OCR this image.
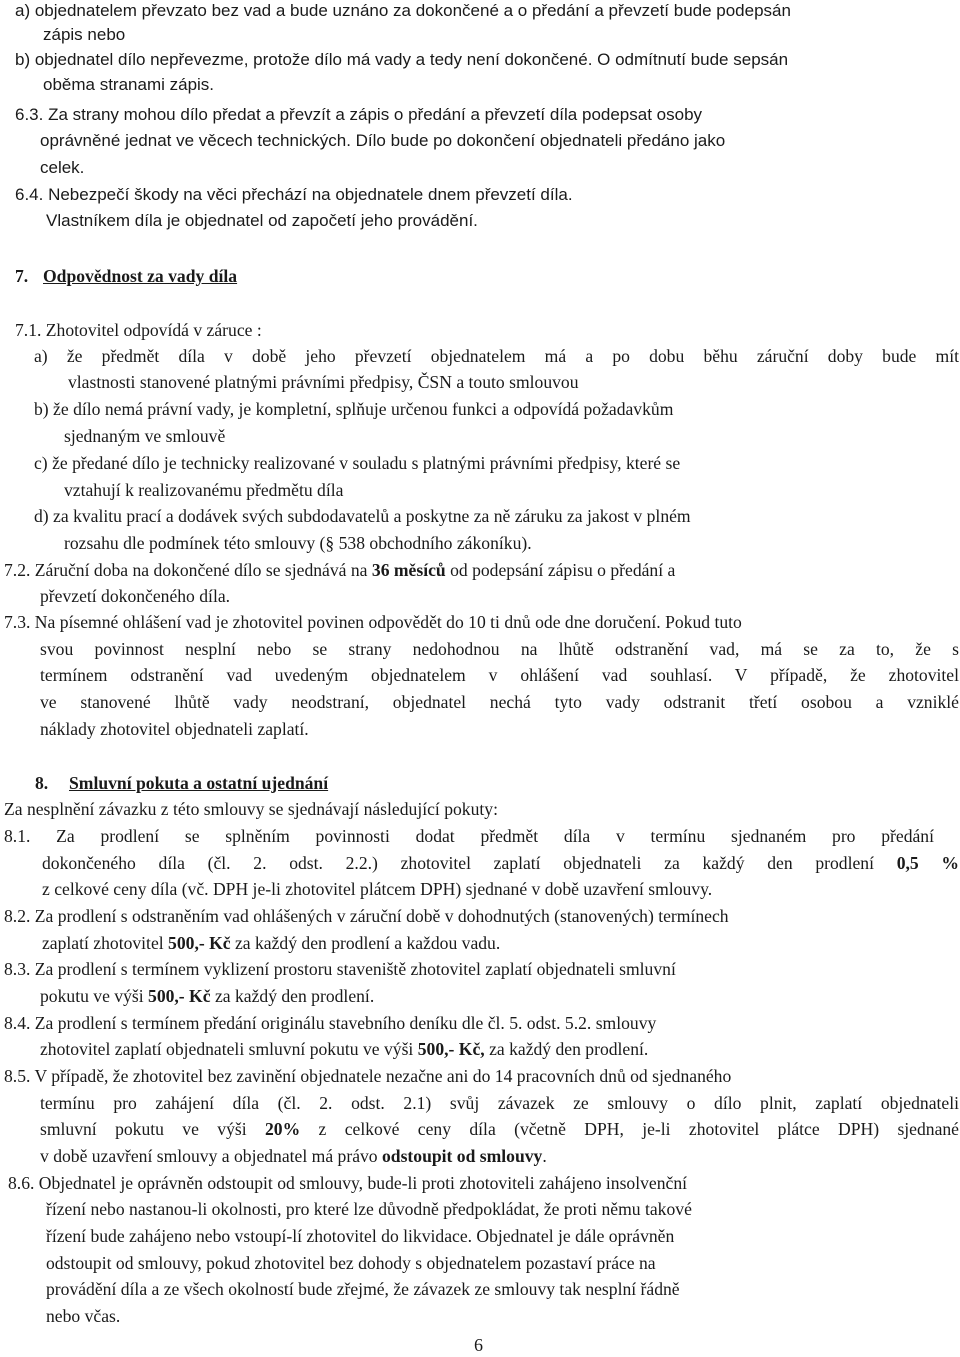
a) objednatelem převzato bez vad a bude uznáno za dokončené a o předání a převzetí bude podepsán
zápis nebo
b) objednatel dílo nepřevezme, protože dílo má vady a tedy není dokončené. O odmítnutí bude sepsán
oběma stranami zápis.
6.3. Za strany mohou dílo předat a převzít a zápis o předání a převzetí díla podepsat osoby
oprávněné jednat ve věcech technických. Dílo bude po dokončení objednateli předáno jako
celek.
6.4. Nebezpečí škody na věci přechází na objednatele dnem převzetí díla.
Vlastníkem díla je objednatel od započetí jeho provádění.
7. Odpovědnost za vady díla
7.1. Zhotovitel odpovídá v záruce :
a) že předmět díla v době jeho převzetí objednatelem má a po dobu běhu záruční doby bude mít
vlastnosti stanovené platnými právními předpisy, ČSN a touto smlouvou
b) že dílo nemá právní vady, je kompletní, splňuje určenou funkci a odpovídá požadavkům
sjednaným ve smlouvě
c) že předané dílo je technicky realizované v souladu s platnými právními předpisy, které se
vztahují k realizovanému předmětu díla
d) za kvalitu prací a dodávek svých subdodavatelů a poskytne za ně záruku za jakost v plném
rozsahu dle podmínek této smlouvy (§ 538 obchodního zákoníku).
7.2. Záruční doba na dokončené dílo se sjednává na 36 měsíců od podepsání zápisu o předání a
převzetí dokončeného díla.
7.3. Na písemné ohlášení vad je zhotovitel povinen odpovědět do 10 ti dnů ode dne doručení. Pokud tuto
svou povinnost nesplní nebo se strany nedohodnou na lhůtě odstranění vad, má se za to, že s
termínem odstranění vad uvedeným objednatelem v ohlášení vad souhlasí. V případě, že zhotovitel
ve stanovené lhůtě vady neodstraní, objednatel nechá tyto vady odstranit třetí osobou a vzniklé
náklady zhotovitel objednateli zaplatí.
8. Smluvní pokuta a ostatní ujednání
Za nesplnění závazku z této smlouvy se sjednávají následující pokuty:
8.1. Za prodlení se splněním povinnosti dodat předmět díla v termínu sjednaném pro předání
dokončeného díla (čl. 2. odst. 2.2.) zhotovitel zaplatí objednateli za každý den prodlení 0,5 %
z celkové ceny díla (vč. DPH je-li zhotovitel plátcem DPH) sjednané v době uzavření smlouvy.
8.2. Za prodlení s odstraněním vad ohlášených v záruční době v dohodnutých (stanovených) termínech
zaplatí zhotovitel 500,- Kč za každý den prodlení a každou vadu.
8.3. Za prodlení s termínem vyklizení prostoru staveniště zhotovitel zaplatí objednateli smluvní
pokutu ve výši 500,- Kč za každý den prodlení.
8.4. Za prodlení s termínem předání originálu stavebního deníku dle čl. 5. odst. 5.2. smlouvy
zhotovitel zaplatí objednateli smluvní pokutu ve výši 500,- Kč, za každý den prodlení.
8.5. V případě, že zhotovitel bez zavinění objednatele nezačne ani do 14 pracovních dnů od sjednaného
termínu pro zahájení díla (čl. 2. odst. 2.1) svůj závazek ze smlouvy o dílo plnit, zaplatí objednateli
smluvní pokutu ve výši 20% z celkové ceny díla (včetně DPH, je-li zhotovitel plátce DPH) sjednané
v době uzavření smlouvy a objednatel má právo odstoupit od smlouvy.
8.6. Objednatel je oprávněn odstoupit od smlouvy, bude-li proti zhotoviteli zahájeno insolvenční
řízení nebo nastanou-li okolnosti, pro které lze důvodně předpokládat, že proti němu takové
řízení bude zahájeno nebo vstoupí-lí zhotovitel do likvidace. Objednatel je dále oprávněn
odstoupit od smlouvy, pokud zhotovitel bez dohody s objednatelem pozastaví práce na
provádění díla a ze všech okolností bude zřejmé, že závazek ze smlouvy tak nesplní řádně
nebo včas.
6
